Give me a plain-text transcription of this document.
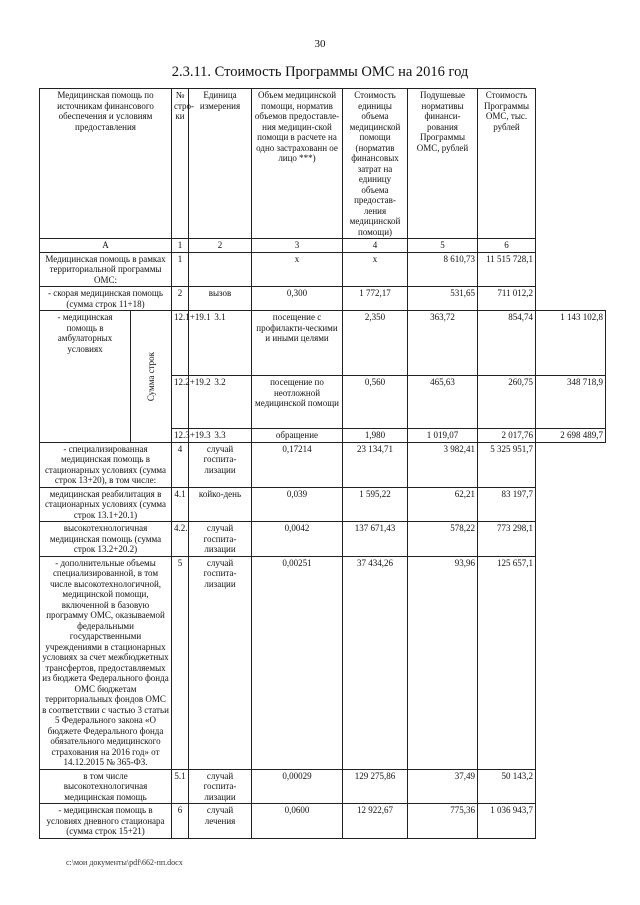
30
2.3.11. Стоимость Программы ОМС на 2016 год
Медицинская помощь по источникам финансового обеспечения и условиям предоставления		№ стро-ки	Единица измерения	Объем медицинской помощи, норматив объемов предоставле-ния медицин-ской помощи в расчете на одно застрахованн ое лицо ***)	Стоимость единицы объема медицинской помощи (норматив финансовых затрат на единицу объема предостав-ления медицинской помощи)	Подушевые нормативы финанси-рования Программы ОМС, рублей	Стоимость Программы ОМС, тыс. рублей	
А		1	2	3	4	5	6	
Медицинская помощь в рамках территориальной программы ОМС:		1		х	х	8 610,73	11 515 728,1	
- скорая медицинская помощь (сумма строк 11+18)		2	вызов	0,300	1 772,17	531,65	711 012,2	
- медицинская помощь в амбулаторных условиях	Сумма строк	12.1+19.1	3.1	посещение с профилакти-ческими и иными целями	2,350	363,72	854,74	1 143 102,8
		12.2+19.2	3.2	посещение по неотложной медицинской помощи	0,560	465,63	260,75	348 718,9
		12.3+19.3	3.3	обращение	1,980	1 019,07	2 017,76	2 698 489,7
- специализированная медицинская помощь в стационарных условиях (сумма строк 13+20), в том числе:		4	случай госпита-лизации	0,17214	23 134,71	3 982,41	5 325 951,7	
медицинская реабилитация в стационарных условиях (сумма строк 13.1+20.1)		4.1	койко-день	0,039	1 595,22	62,21	83 197,7	
высокотехнологичная медицинская помощь (сумма строк 13.2+20.2)		4.2.	случай госпита-лизации	0,0042	137 671,43	578,22	773 298,1	
- дополнительные объемы специализированной, в том числе высокотехнологичной, медицинской помощи, включенной в базовую программу ОМС, оказываемой федеральными государственными учреждениями в стационарных условиях за счет межбюджетных трансфертов, предоставляемых из бюджета Федерального фонда ОМС бюджетам территориальных фондов ОМС в соответствии с частью 3 статьи 5 Федерального закона «О бюджете Федерального фонда обязательного медицинского страхования на 2016 год» от 14.12.2015 № 365-ФЗ.		5	случай госпита-лизации	0,00251	37 434,26	93,96	125 657,1	
в том числе высокотехнологичная медицинская помощь		5.1	случай госпита-лизации	0,00029	129 275,86	37,49	50 143,2	
- медицинская помощь в условиях дневного стационара (сумма строк 15+21)		6	случай лечения	0,0600	12 922,67	775,36	1 036 943,7	
c:\мои документы\pdf\662-пп.docx
